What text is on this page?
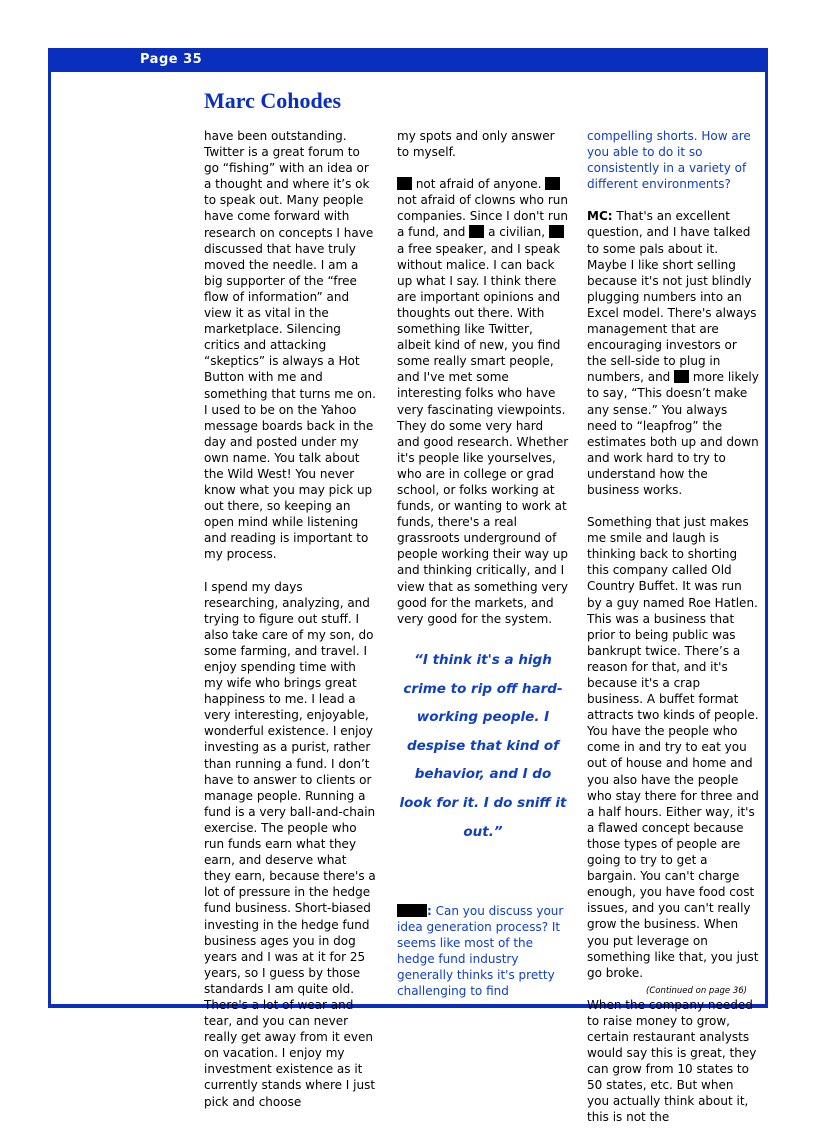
Page 35
Marc Cohodes

have been outstanding. Twitter is a great forum to go “fishing” with an idea or a thought and where it’s ok to speak out. Many people have come forward with research on concepts I have discussed that have truly moved the needle. I am a big supporter of the “free flow of information” and view it as vital in the marketplace. Silencing critics and attacking “skeptics” is always a Hot Button with me and something that turns me on. I used to be on the Yahoo message boards back in the day and posted under my own name. You talk about the Wild West! You never know what you may pick up out there, so keeping an open mind while listening and reading is important to my process.

I spend my days researching, analyzing, and trying to figure out stuff. I also take care of my son, do some farming, and travel. I enjoy spending time with my wife who brings great happiness to me. I lead a very interesting, enjoyable, wonderful existence. I enjoy investing as a purist, rather than running a fund. I don’t have to answer to clients or manage people. Running a fund is a very ball-and-chain exercise. The people who run funds earn what they earn, and deserve what they earn, because there's a lot of pressure in the hedge fund business. Short-biased investing in the hedge fund business ages you in dog years and I was at it for 25 years, so I guess by those standards I am quite old. There's a lot of wear and tear, and you can never really get away from it even on vacation. I enjoy my investment existence as it currently stands where I just pick and choose

my spots and only answer to myself.

not afraid of anyone.  not afraid of clowns who run companies. Since I don't run a fund, and  a civilian,  a free speaker, and I speak without malice. I can back up what I say. I think there are important opinions and thoughts out there. With something like Twitter, albeit kind of new, you find some really smart people, and I've met some interesting folks who have very fascinating viewpoints. They do some very hard and good research. Whether it's people like yourselves, who are in college or grad school, or folks working at funds, or wanting to work at funds, there's a real grassroots underground of people working their way up and thinking critically, and I view that as something very good for the markets, and very good for the system.

“I think it's a high crime to rip off hard-working people. I despise that kind of behavior, and I do look for it. I do sniff it out.”
: Can you discuss your idea generation process? It seems like most of the hedge fund industry generally thinks it's pretty challenging to find

compelling shorts. How are you able to do it so consistently in a variety of different environments?

MC: That's an excellent question, and I have talked to some pals about it. Maybe I like short selling because it's not just blindly plugging numbers into an Excel model. There's always management that are encouraging investors or the sell-side to plug in numbers, and  more likely to say, “This doesn’t make any sense.” You always need to “leapfrog” the estimates both up and down and work hard to try to understand how the business works.

Something that just makes me smile and laugh is thinking back to shorting this company called Old Country Buffet. It was run by a guy named Roe Hatlen. This was a business that prior to being public was bankrupt twice. There’s a reason for that, and it's because it's a crap business. A buffet format attracts two kinds of people. You have the people who come in and try to eat you out of house and home and you also have the people who stay there for three and a half hours. Either way, it's a flawed concept because those types of people are going to try to get a bargain. You can't charge enough, you have food cost issues, and you can't really grow the business. When you put leverage on something like that, you just go broke.

When the company needed to raise money to grow, certain restaurant analysts would say this is great, they can grow from 10 states to 50 states, etc. But when you actually think about it, this is not the

(Continued on page 36)
